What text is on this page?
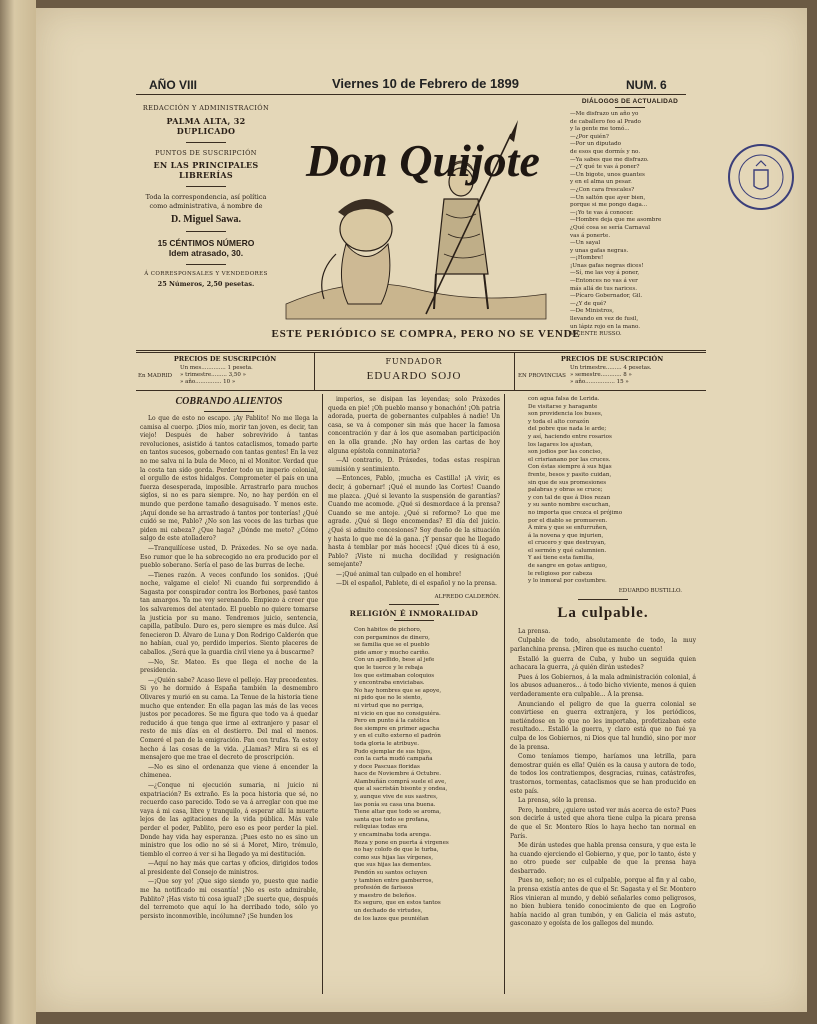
AÑO VIII	Viernes 10 de Febrero de 1899	NUM. 6
REDACCIÓN Y ADMINISTRACIÓN
PALMA ALTA, 32 DUPLICADO
PUNTOS DE SUSCRIPCIÓN
EN LAS PRINCIPALES LIBRERÍAS
Toda la correspondencia, así política como administrativa, á nombre de
D. Miguel Sawa.
15 CÉNTIMOS NÚMERO
Idem atrasado, 30.
Á CORRESPONSALES Y VENDEDORES
25 Números, 2,50 pesetas.
Don Quijote
DIÁLOGOS DE ACTUALIDAD
—Me disfrazo un año yo
de caballero feo al Prado
y la gente me tomó...
—¿Por quién?
—Por un diputado
de esos que dormís y no.
—Ya sabes que me disfrazo.
—¿Y qué te vas á poner?
—Un bigote, unos guantes
y en el alma un pesar.
—¿Con cara frescales?
—Un saltón que ayer bien,
porque si me pongo daga...
—¡Yo te vas á conocer.
—Hombre deja que me asombre
¿Qué cosa se sería Carnaval
vas á ponerte.
—Un sayal
y unas gafas negras.
—¡Hombre!
¡Unas gafas negras dices!
—Sí, me las voy á poner,
—Entonces no vas á ver
más allá de tus narices.
—Pícaro Gobernador, Gil.
—¿Y de qué?
—De Ministros,
llevando en vez de fusil,
un lápiz rojo en la mano.
VICENTE RUSSO.
ESTE PERIÓDICO SE COMPRA, PERO NO SE VENDE
PRECIOS DE SUSCRIPCIÓN
En MADRID
Un mes.............. 1 peseta.
» trimestre......... 3,50 »
» año............... 10 »
FUNDADOR
EDUARDO SOJO
PRECIOS DE SUSCRIPCIÓN
EN PROVINCIAS
Un trimestre......... 4 pesetas.
» semestre............ 8 »
» año................. 15 »
COBRANDO ALIENTOS

Lo que de esto no escapo. ¡Ay Pablito! No me llega la camisa al cuerpo. ¡Dios mío, morir tan joven, es decir, tan viejo! Después de haber sobrevivido á tantas revoluciones, asistido á tantos cataclismos, tomado parte en tantos sucesos, gobernado con tantas gentes! En la vez no me salva ni la bula de Meco, ni el Monitor. Verdad que la costa tan sido gorda. Perder todo un imperio colonial, el orgullo de estos hidalgos. Comprometer el país en una fuerza desesperada, imposible. Arrastrarlo para muchos siglos, si no es para siempre. No, no hay perdón en el mundo que perdone tamaño desaguisado. Y menos este. ¡Aquí donde se ha arrastrado á tantos por tonterías! ¿Qué cuidó se me, Pablo? ¿No son las voces de las turbas que piden mi cabeza? ¿Que haga? ¿Dónde me meto? ¿Cómo salgo de este atolladero?

—Tranquilícese usted, D. Práxedes. No se oye nada. Eso rumor que le ha sobrecogido no era producido por el pueblo soberano. Sería el paso de las burras de leche.

—Tienes razón. A veces confundo los sonidos. ¡Qué noche, valgame el cielo! Ni cuando fui sorprendido á Sagasta por conspirador contra los Borbones, pasé tantos tan amargos. Ya me voy serenando. Empiezo á creer que los salvaremos del atentado. El pueblo no quiere tomarse la justicia por su mano. Tendremos juicio, sentencia, capilla, patíbulo. Duro es, pero siempre es más dulce. Así fenecieron D. Álvaro de Luna y Don Rodrigo Calderón que no habían, cual yo, perdido imperios. Siento placeres de caballos. ¿Será que la guardia civil viene ya á buscarme?

—No, Sr. Mateo. Es que llega el noche de la presidencia.

—¿Quién sabe? Acaso lleve el pellejo. Hay precedentes. Si yo he dormido á España también la desmembro Olivares y murió en su cama. La Tenue de la historia tiene mucho que entender. En ella pagan las más de las veces justos por pecadores. Se me figura que todo va á quedar reducido á que tenga que irme al extranjero y pasar el resto de mis días en el destierro. Del mal el menos. Comeré el pan de la emigración. Pan con trufas. Ya estoy hecho á las cosas de la vida. ¿Llamas? Mira si es el mensajero que me trae el decreto de proscripción.

—No es sino el ordenanza que viene á encender la chimenea.

—¿Conque ni ejecución sumaria, ni juicio ni expatriación? Es extraño. Es la poca historia que sé, no recuerdo caso parecido. Todo se va á arreglar con que me vaya á mi casa, libre y tranquilo, á esperar allí la muerte lejos de las agitaciones de la vida pública. Más vale perder el poder, Pablito, pero eso es peor perder la piel. Donde hay vida hay esperanza. ¡Pues esto no es sino un ministro que los odio no sé si á Moret, Miro, trémulo, tiemblo el correo á ver si ha llegado ya mi destitución.

—Aquí no hay más que cartas y oficios, dirigidos todos al presidente del Consejo de ministros.

—¡Que soy yo! ¡Que sigo siendo yo, puesto que nadie me ha notificado mi cesantía! ¡No es esto admirable, Pablito? ¡Has visto tú cosa igual? ¡De suerte que, después del terremoto que aquí lo ha derribado todo, sólo yo persisto inconmovible, incólumne? ¡Se hunden los

imperios, se disipan las leyendas; solo Práxedes queda en pie! ¡Oh pueblo manso y bonachón! ¡Oh patria adorada, puerta de gobernantes culpables á nadie! Un casa, se va á componer sin más que hacer la famosa concentración y dar á los que asomaban participación en la olla grande. ¡No hay orden las cartas de hoy alguna epístola conminatoria?

—Al contrario, D. Práxedes, todas estas respiran sumisión y sentimiento.

—Entonces, Pablo, ¡mucha es Castilla! ¡A vivir, es decir, á gobernar! ¡Qué el mundo las Cortes! Cuando me plazca. ¿Qué si levanto la suspensión de garantías? Cuando me acomode. ¿Qué si desmordace á la prensa? Cuando se me antoje. ¿Qué si reformo? Lo que me agrade. ¿Qué si llego encomendas? El día del juicio. ¿Qué si admito concesiones? Soy dueño de la situación y hasta lo que me dé la gana. ¡Y pensar que he llegado hasta á temblar por más hocecs! ¡Qué dices tú á eso, Pablo? ¡Viste ni mucha docilidad y resignación semejante?

—¡Qué animal tan culpado en el hombre!

—Di el español, Pablete, di el español y no la prensa.

ALFREDO CALDERÓN.
RELIGIÓN É INMORALIDAD
Con hábitos de pichoro,
con pergaminos de dinero,
se familia que se el pueblo
pide amor y mucho cariño.
Con un apellido, bese al jefe
que le tuerce y le rebaja
los que estimaban coloquios
y encontraba enviciabas.
No hay hombres que se apoye,
ni pido que no le siento,
ni virtud que no perriga,
ni vicio en que no consiguiéra.
Pero en punto á la católica
fee siempre en primer agacha
y en el culto externo el padrón
toda gloria le atribuye.
Pudo ejemplar de sus hijos,
con la carta mudó campaña
y doce Pascuas floridas
hace de Noviembre á Octubre.
Alambuñán comprá suele el ave,
que al sacristán bisonte y ondea,
y, aunque vive de sus sastres,
las ponía su casa una buena.
Tiene altar que todo se aroma,
santa que todo se profana,
reliquias todas era
y encaminaba toda arenga.
Reza y pone en puerta á virgenes
no hay colofo de que le turba,
como sus hijas las vírgenes,
que sus hijas las dementes.
Pendón su santos ocluyen
y tambien entre gamberros,
profesión de fariseos
y maestro de beleños.
Es seguro, que en estos tantos
un dechado de virtudes,
de los lazos que peuniélan
con agua falsa de Lerida.
De visitarse y haragante
son providencia los buses,
y toda el alto corazón
del pobre que nada le arde;
y así, haciendo entre rosarios
los lagares los ajustan,
son jodios por las conciso,
el crisrianano por las cruces.
Con éstas siempre á sus hijas
frente, besos y pasito cuidan,
sin que de sus promesiones
palabras y obras se cruce;
y con tal de que á Dios rezan
y su santo nombre escuchan,
no importa que crezca el prójimo
por el diablo se promueven.
Á mira y que se enfurruñen,
á la novena y que injurien,
el crucero y que destruyan,
el sermón y qué calumnien.
Y así tiene esta familia,
de sangre en gotas antiguo,
le religioso por cabeza
y lo inmoral por costumbre.
EDUARDO BUSTILLO.
La culpable.

La prensa.

Culpable de todo, absolutamente de todo, la muy parlanchina prensa. ¡Miren que es mucho cuento!

Estalló la guerra de Cuba, y hubo un seguida quien achacara la guerra, ¿á quién dirán ustedes?

Pues á los Gobiernos, á la mala administración colonial, á los abusos aduaneros... á todo bicho viviente, menos á quien verdaderamente era culpable... Á la prensa.

Anunciando el peligro de que la guerra colonial se convirtiese en guerra extranjera, y los periódicos, metiéndose en lo que no les importaba, profetizaban este resultado... Estalló la guerra, y claro está que no fué ya culpa de los Gobiernos, ni Dios que tal hundió, sino por mor de la prensa.

Como teníamos tiempo, haríamos una letrilla, para demostrar quién es ella! Quién es la causa y autora de todo, de todos los contratiempos, desgracias, ruinas, catástrofes, trastornos, tormentas, cataclismos que se han producido en este país.

La prensa, sólo la prensa.

Pero, hombre, ¿quiere usted ver más acerca de esto? Pues son decirle á usted que ahora tiene culpa la picara prensa de que el Sr. Montero Ríos lo haya hecho tan normal en París.

Me dirán ustedes que habla prensa censura, y que esta le ha cuando ejerciendo el Gobierno, y que, por lo tanto, éste y no otro puede ser culpable de que la prensa haya desbarrado.

Pues no, señor; no es el culpable, porque al fin y al cabo, la prensa existía antes de que el Sr. Sagasta y el Sr. Montero Ríos vinieran al mundo, y debió señalarles como peligrosos, no bien hubiera tenido conocimiento de que en Logroño había nacido al gran tumbón, y en Galicia el más astuto, gasconazo y egoísta de los gallegos del mundo.
